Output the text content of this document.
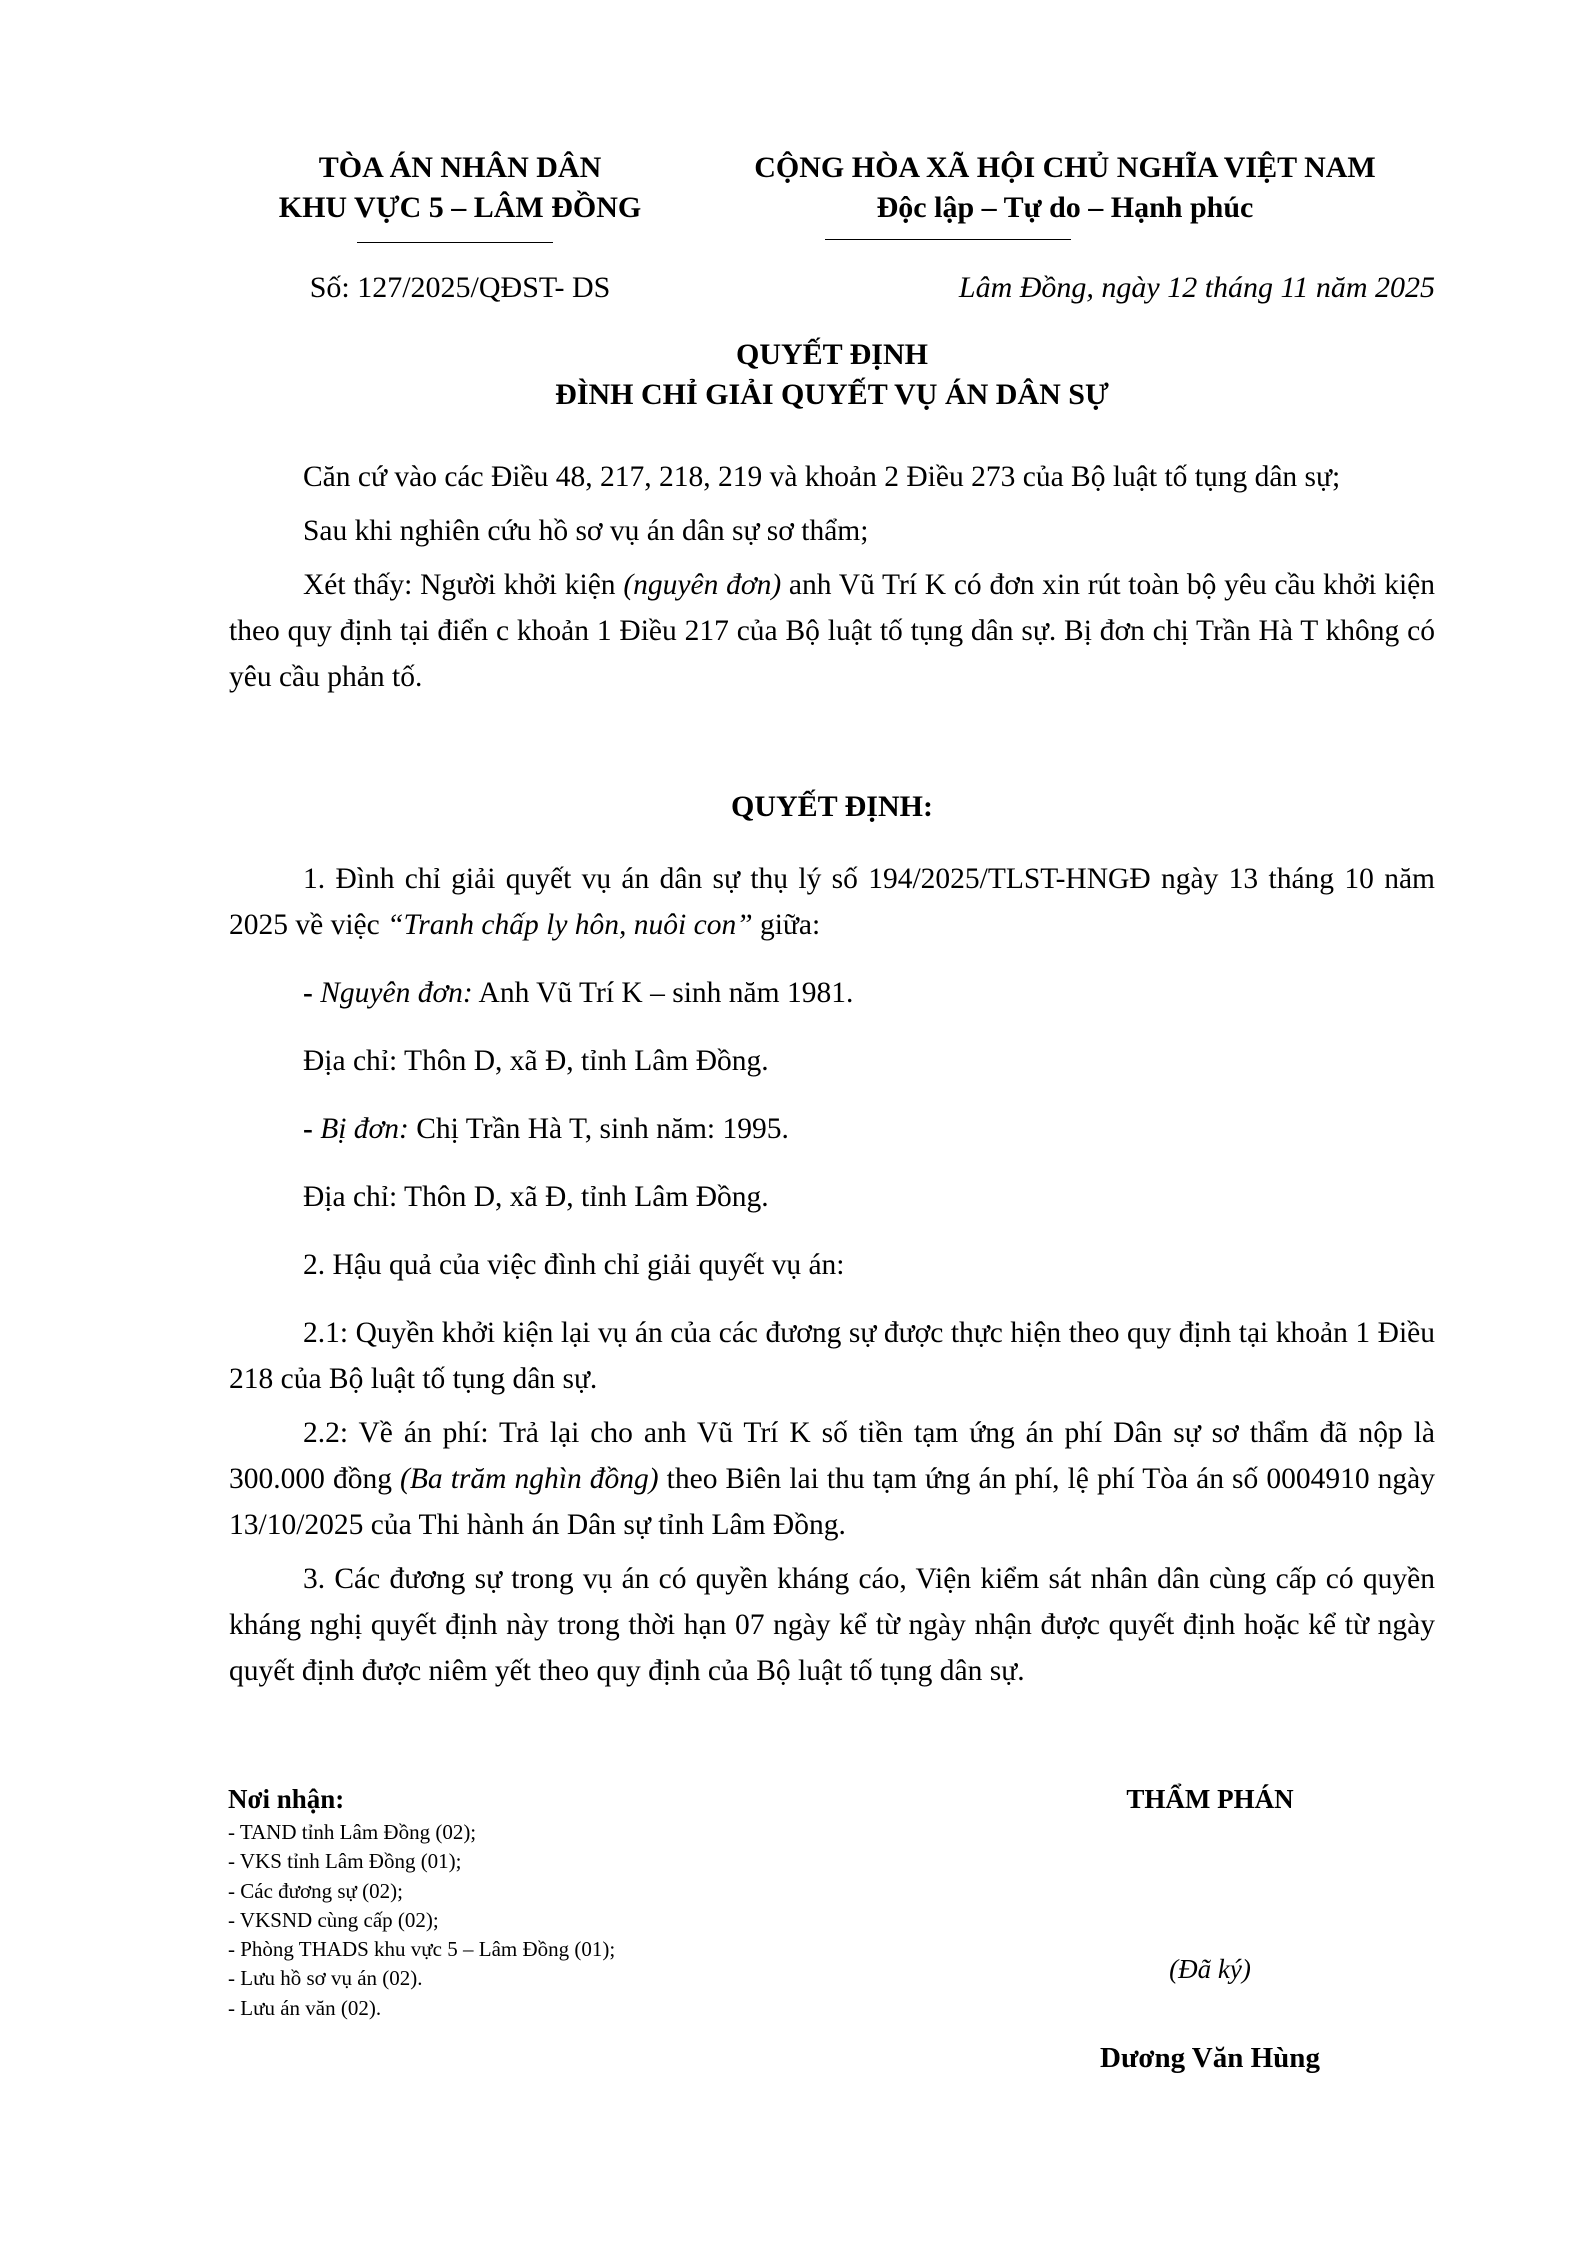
TÒA ÁN NHÂN DÂN
KHU VỰC 5 – LÂM ĐỒNG
CỘNG HÒA XÃ HỘI CHỦ NGHĨA VIỆT NAM
Độc lập – Tự do – Hạnh phúc
Số: 127/2025/QĐST- DS	Lâm Đồng, ngày 12 tháng 11 năm 2025
QUYẾT ĐỊNH
ĐÌNH CHỈ GIẢI QUYẾT VỤ ÁN DÂN SỰ

Căn cứ vào các Điều 48, 217, 218, 219 và khoản 2 Điều 273 của Bộ luật tố tụng dân sự;

Sau khi nghiên cứu hồ sơ vụ án dân sự sơ thẩm;

Xét thấy: Người khởi kiện (nguyên đơn) anh Vũ Trí K có đơn xin rút toàn bộ yêu cầu khởi kiện theo quy định tại điển c khoản 1 Điều 217 của Bộ luật tố tụng dân sự. Bị đơn chị Trần Hà T không có yêu cầu phản tố.

QUYẾT ĐỊNH:

1. Đình chỉ giải quyết vụ án dân sự thụ lý số 194/2025/TLST-HNGĐ ngày 13 tháng 10 năm 2025 về việc “Tranh chấp ly hôn, nuôi con” giữa:

- Nguyên đơn: Anh Vũ Trí K – sinh năm 1981.

Địa chỉ: Thôn D, xã Đ, tỉnh Lâm Đồng.

- Bị đơn: Chị Trần Hà T, sinh năm: 1995.

Địa chỉ: Thôn D, xã Đ, tỉnh Lâm Đồng.

2. Hậu quả của việc đình chỉ giải quyết vụ án:

2.1: Quyền khởi kiện lại vụ án của các đương sự được thực hiện theo quy định tại khoản 1 Điều 218 của Bộ luật tố tụng dân sự.

2.2: Về án phí: Trả lại cho anh Vũ Trí K số tiền tạm ứng án phí Dân sự sơ thẩm đã nộp là 300.000 đồng (Ba trăm nghìn đồng) theo Biên lai thu tạm ứng án phí, lệ phí Tòa án số 0004910 ngày 13/10/2025 của Thi hành án Dân sự tỉnh Lâm Đồng.

3. Các đương sự trong vụ án có quyền kháng cáo, Viện kiểm sát nhân dân cùng cấp có quyền kháng nghị quyết định này trong thời hạn 07 ngày kể từ ngày nhận được quyết định hoặc kể từ ngày quyết định được niêm yết theo quy định của Bộ luật tố tụng dân sự.

Nơi nhận:
- TAND tỉnh Lâm Đồng (02);
- VKS tỉnh Lâm Đồng (01);
- Các đương sự (02);
- VKSND cùng cấp (02);
- Phòng THADS khu vực 5 – Lâm Đồng (01);
- Lưu hồ sơ vụ án (02).
- Lưu án văn (02).
THẨM PHÁN
(Đã ký)
Dương Văn Hùng
